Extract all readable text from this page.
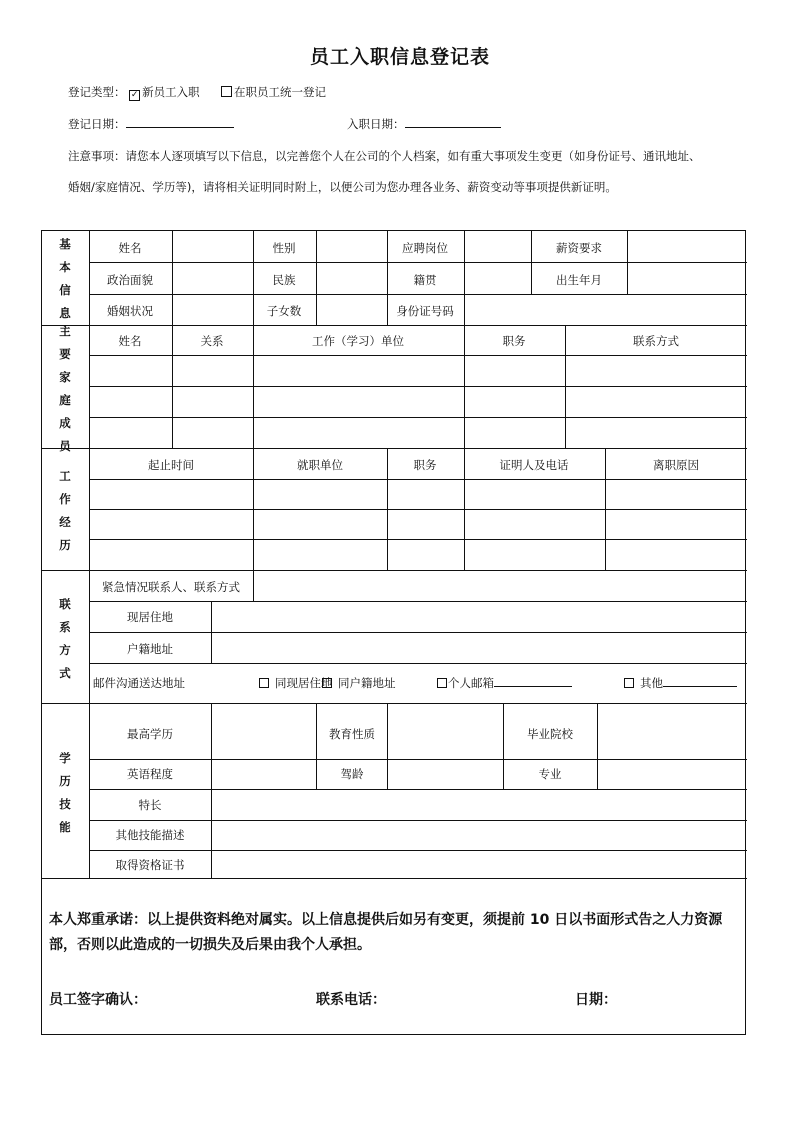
员工入职信息登记表
登记类型： ✓ 新员工入职	在职员工统一登记
登记日期：	入职日期：
注意事项：请您本人逐项填写以下信息，以完善您个人在公司的个人档案，如有重大事项发生变更（如身份证号、通讯地址、
婚姻/家庭情况、学历等)，请将相关证明同时附上，以便公司为您办理各业务、薪资变动等事项提供新证明。
基本信息
主要家庭成员
工作经历
联系方式
学历技能
姓名	性别	应聘岗位	薪资要求
政治面貌	民族	籍贯	出生年月
婚姻状况	子女数	身份证号码
姓名	关系	工作（学习）单位	职务	联系方式
起止时间	就职单位	职务	证明人及电话	离职原因
紧急情况联系人、联系方式
现居住地
户籍地址
邮件沟通送达地址	同现居住地 同户籍地址	个人邮箱	其他
最高学历	教育性质	毕业院校
英语程度	驾龄	专业
特长
其他技能描述
取得资格证书
本人郑重承诺：以上提供资料绝对属实。以上信息提供后如另有变更，须提前 10 日以书面形式告之人力资源部，否则以此造成的一切损失及后果由我个人承担。
员工签字确认：	联系电话：	日期：
